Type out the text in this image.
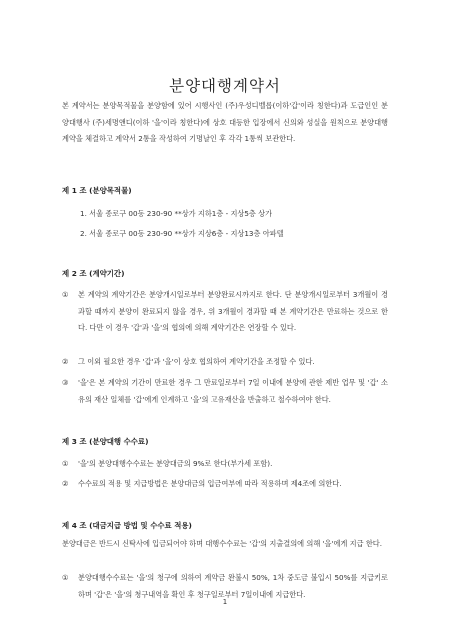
분양대행계약서
본 계약서는 분양목적물을 분양함에 있어 시행사인 (주)우성디벨롭(이하'갑'이라 칭한다)과 도급인인 분양대행사 (주)세명앤디(이하 '을'이라 칭한다)에 상호 대등한 입장에서 신의와 성실을 원칙으로 분양대행계약을 체결하고 계약서 2통을 작성하여 기명날인 후 각각 1통씩 보관한다.
제 1 조 (분양목적물)
1. 서울 종로구 00동 230-90 **상가 지하1층 - 지상5층 상가
2. 서울 종로구 00동 230-90 **상가 지상6층 - 지상13층 아파텔
제 2 조 (계약기간)
①	본 계약의 계약기간은 분양개시일로부터 분양완료시까지로 한다. 단 분양개시일로부터 3개월이 경과할 때까지 분양이 완료되지 않을 경우, 위 3개월이 경과할 때 본 계약기간은 만료하는 것으로 한다. 다만 이 경우 '갑'과 '을'의 협의에 의해 계약기간은 연장할 수 있다.
②	그 이외 필요한 경우 '갑'과 '을'이 상호 협의하여 계약기간을 조정할 수 있다.
③	'을'은 본 계약의 기간이 만료한 경우 그 만료일로부터 7일 이내에 분양에 관한 제반 업무 및 '갑' 소유의 재산 일체를 '갑'에게 인계하고 '을'의 고유재산을 반출하고 철수하여야 한다.
제 3 조 (분양대행 수수료)
①	'을'의 분양대행수수료는 분양대금의 9%로 한다(부가세 포함).
②	수수료의 적용 및 지급방법은 분양대금의 입금여부에 따라 적용하며 제4조에 의한다.
제 4 조 (대금지급 방법 및 수수료 적용)
분양대금은 반드시 신탁사에 입금되어야 하며 대행수수료는 '갑'의 지출결의에 의해 '을'에게 지급 한다.
①	분양대행수수료는 '을'의 청구에 의하여 계약금 완불시 50%, 1차 중도금 불입시 50%를 지급키로 하며 '갑'은 '을'의 청구내역을 확인 후 청구일로부터 7일이내에 지급한다.
1
